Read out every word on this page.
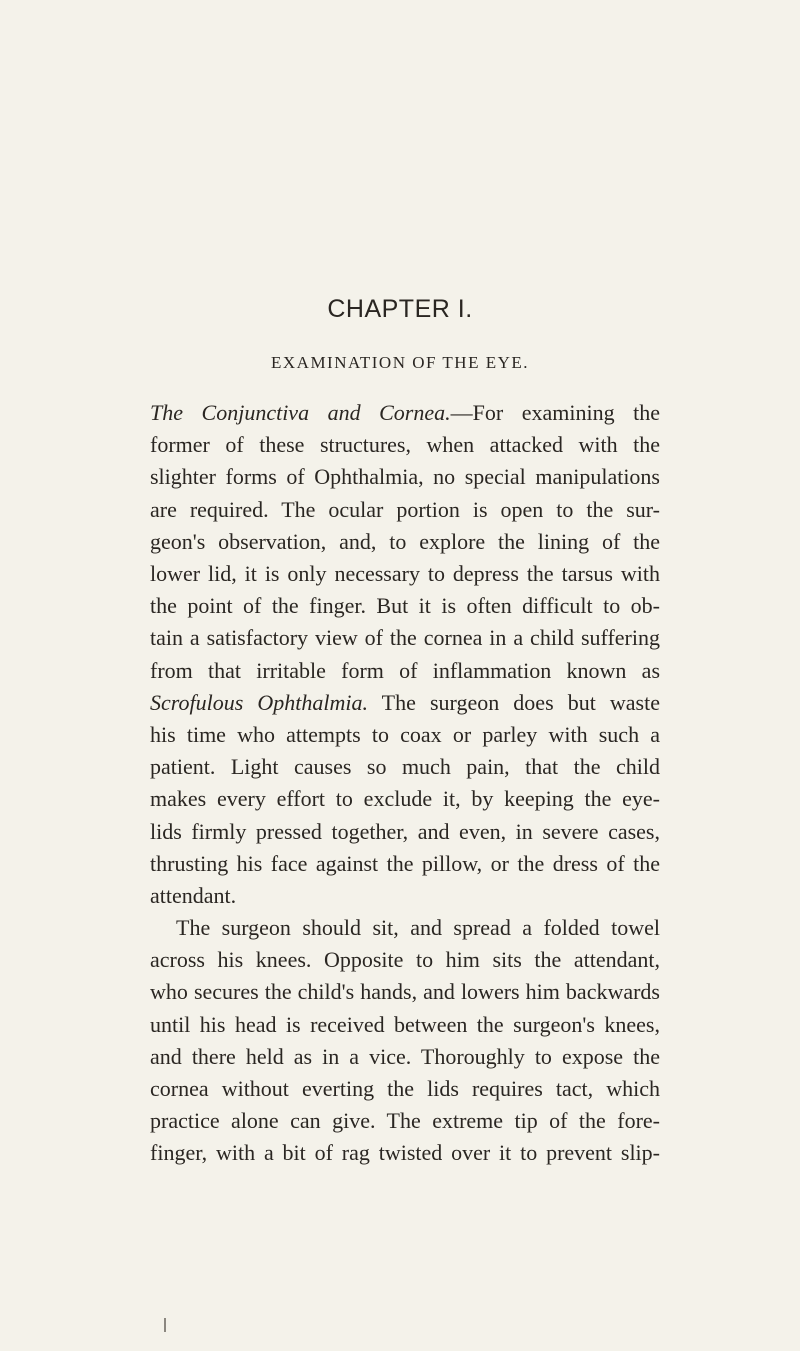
CHAPTER I.
EXAMINATION OF THE EYE.
The Conjunctiva and Cornea.—For examining the
former of these structures, when attacked with the
slighter forms of Ophthalmia, no special manipulations
are required. The ocular portion is open to the sur-
geon's observation, and, to explore the lining of the
lower lid, it is only necessary to depress the tarsus with
the point of the finger. But it is often difficult to ob-
tain a satisfactory view of the cornea in a child suffering
from that irritable form of inflammation known as
Scrofulous Ophthalmia. The surgeon does but waste
his time who attempts to coax or parley with such a
patient. Light causes so much pain, that the child
makes every effort to exclude it, by keeping the eye-
lids firmly pressed together, and even, in severe cases,
thrusting his face against the pillow, or the dress of the
attendant.
The surgeon should sit, and spread a folded towel
across his knees. Opposite to him sits the attendant,
who secures the child's hands, and lowers him backwards
until his head is received between the surgeon's knees,
and there held as in a vice. Thoroughly to expose the
cornea without everting the lids requires tact, which
practice alone can give. The extreme tip of the fore-
finger, with a bit of rag twisted over it to prevent slip-
